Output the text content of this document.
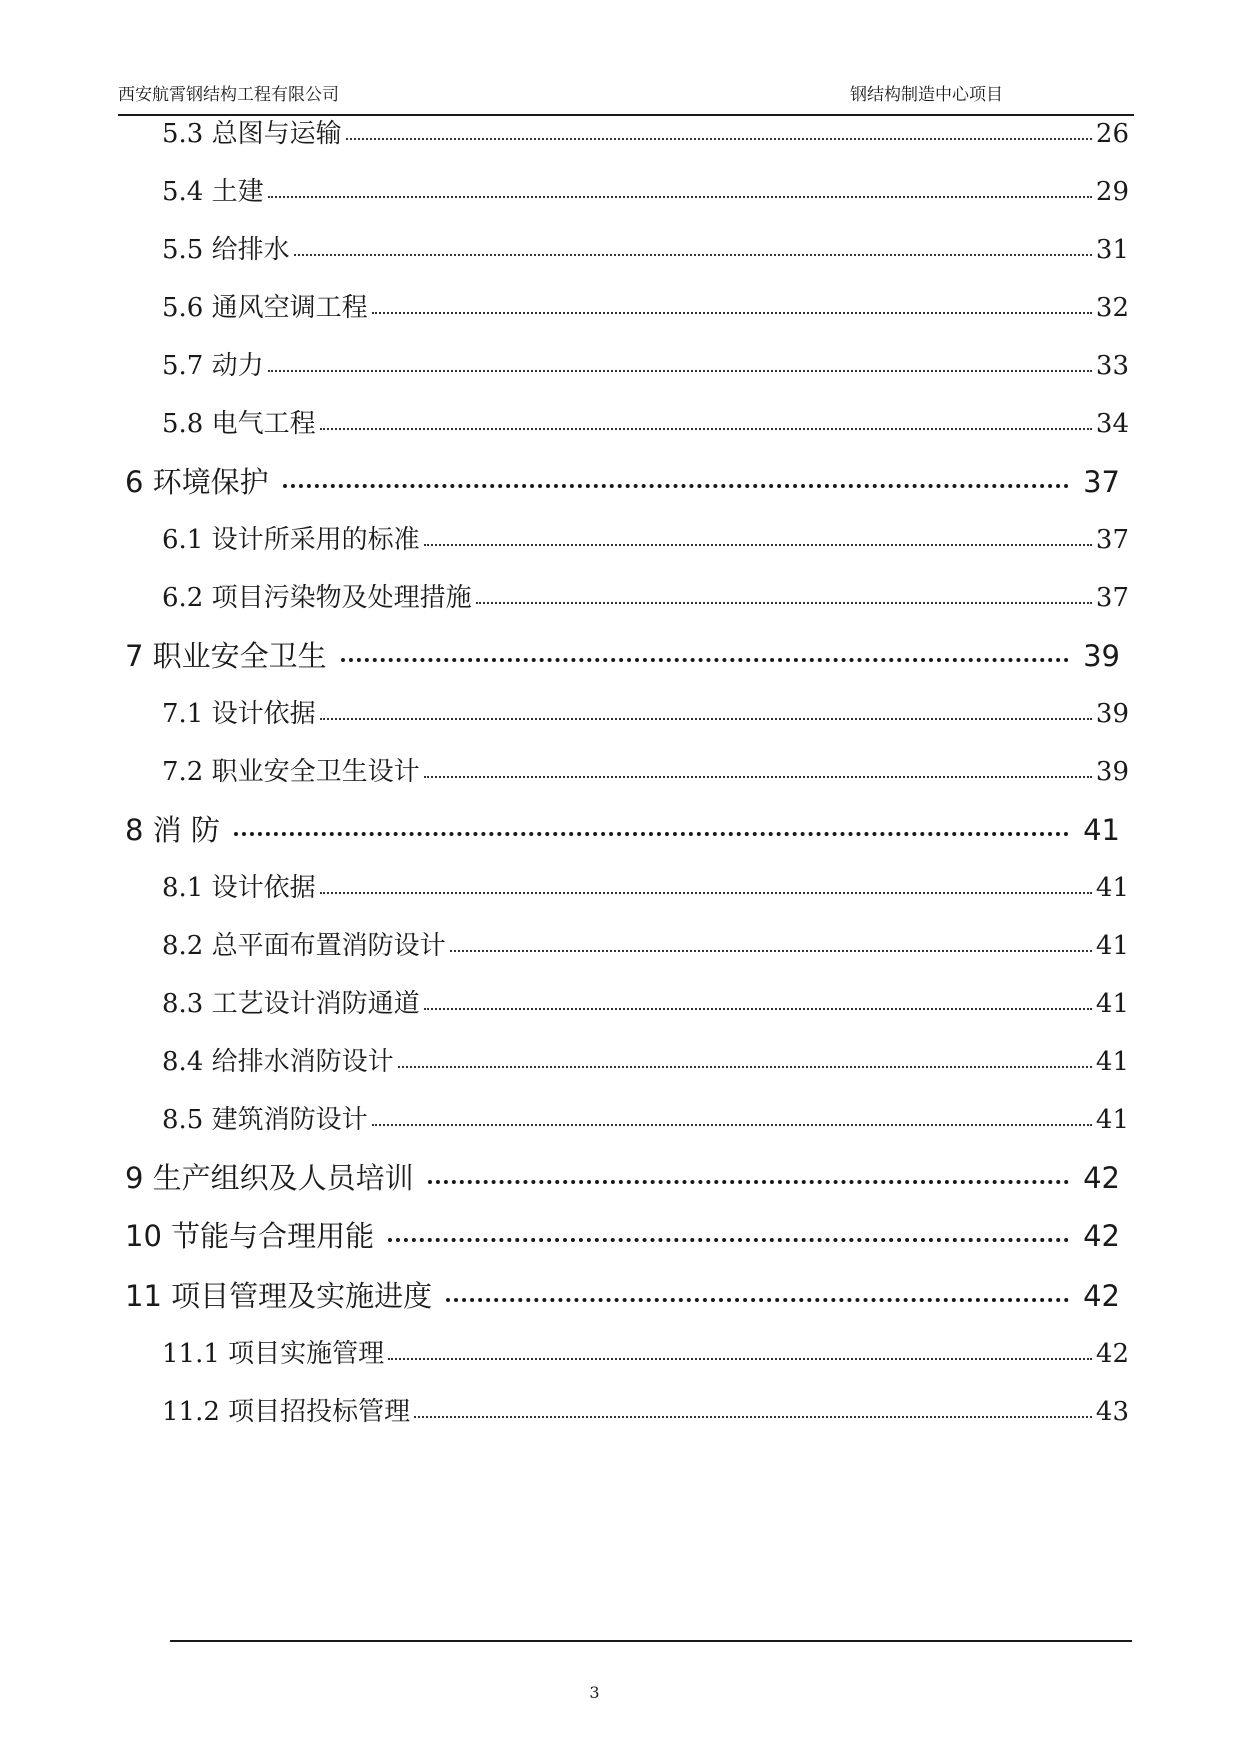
西安航霄钢结构工程有限公司	钢结构制造中心项目
5.3 总图与运输	26
5.4 土建	29
5.5 给排水	31
5.6 通风空调工程	32
5.7 动力	33
5.8 电气工程	34
6 环境保护	37
6.1 设计所采用的标准	37
6.2 项目污染物及处理措施	37
7 职业安全卫生	39
7.1 设计依据	39
7.2 职业安全卫生设计	39
8 消 防	41
8.1 设计依据	41
8.2 总平面布置消防设计	41
8.3 工艺设计消防通道	41
8.4 给排水消防设计	41
8.5 建筑消防设计	41
9 生产组织及人员培训	42
10 节能与合理用能	42
11 项目管理及实施进度	42
11.1 项目实施管理	42
11.2 项目招投标管理	43
3
